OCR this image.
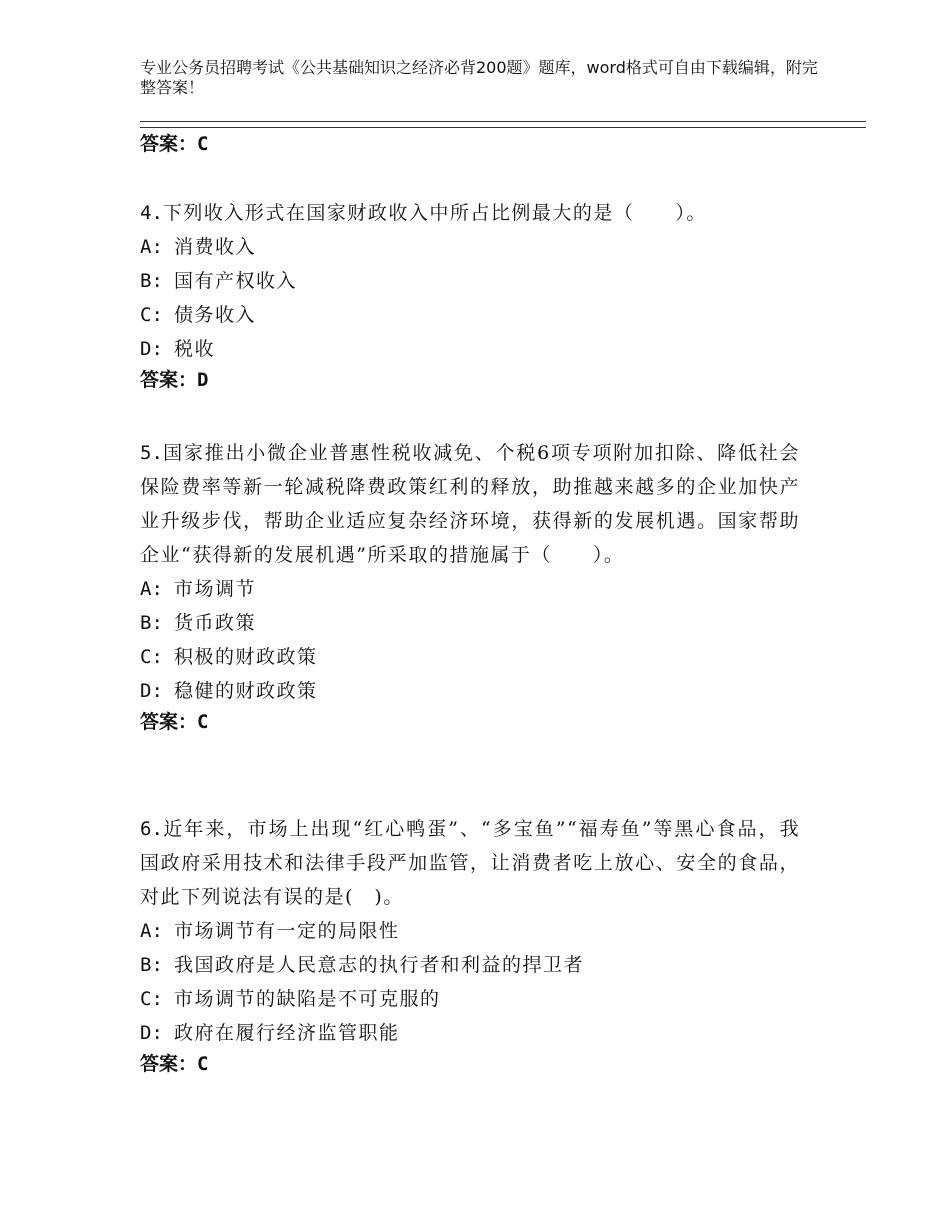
专业公务员招聘考试《公共基础知识之经济必背200题》题库，word格式可自由下载编辑，附完整答案！
答案：C
4.下列收入形式在国家财政收入中所占比例最大的是（　　）。
A: 消费收入
B: 国有产权收入
C: 债务收入
D: 税收
答案：D
5.国家推出小微企业普惠性税收减免、个税6项专项附加扣除、降低社会保险费率等新一轮减税降费政策红利的释放，助推越来越多的企业加快产业升级步伐，帮助企业适应复杂经济环境，获得新的发展机遇。国家帮助企业“获得新的发展机遇”所采取的措施属于（　　）。
A: 市场调节
B: 货币政策
C: 积极的财政政策
D: 稳健的财政政策
答案：C
6.近年来，市场上出现“红心鸭蛋”、“多宝鱼”“福寿鱼”等黑心食品，我国政府采用技术和法律手段严加监管，让消费者吃上放心、安全的食品，对此下列说法有误的是(　)。
A: 市场调节有一定的局限性
B: 我国政府是人民意志的执行者和利益的捍卫者
C: 市场调节的缺陷是不可克服的
D: 政府在履行经济监管职能
答案：C
